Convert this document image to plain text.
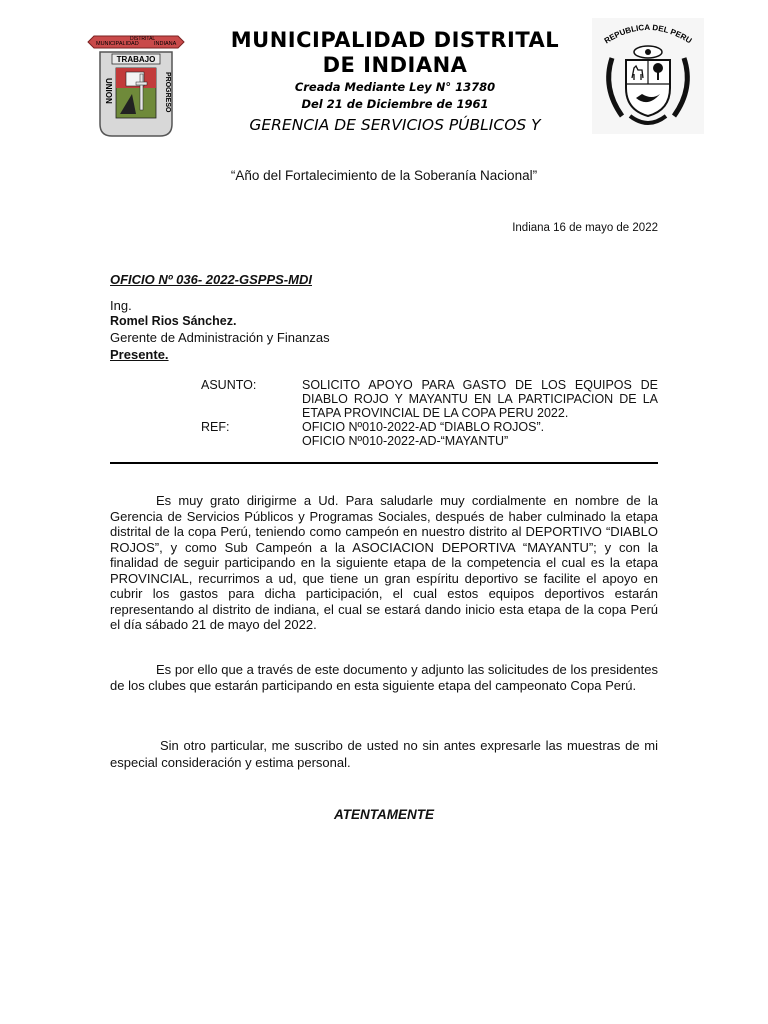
MUNICIPALIDAD
DISTRITAL
INDIANA
TRABAJO
UNION	PROGRESO
MUNICIPALIDAD DISTRITAL
DE INDIANA
Creada Mediante Ley N° 13780
Del 21 de Diciembre de 1961
GERENCIA DE SERVICIOS PÚBLICOS Y
REPUBLICA DEL PERU
“Año del Fortalecimiento de la Soberanía Nacional”
Indiana 16 de mayo de 2022
OFICIO Nº 036- 2022-GSPPS-MDI
Ing.
Romel Rios Sánchez.
Gerente de Administración y Finanzas
Presente.
ASUNTO:	SOLICITO APOYO PARA GASTO DE LOS EQUIPOS DE DIABLO ROJO Y MAYANTU EN LA PARTICIPACION DE LA ETAPA PROVINCIAL DE LA COPA PERU 2022.
REF:	OFICIO Nº010-2022-AD “DIABLO ROJOS”.
OFICIO Nº010-2022-AD-“MAYANTU”

Es muy grato dirigirme a Ud. Para saludarle muy cordialmente en nombre de la Gerencia de Servicios Públicos y Programas Sociales, después de haber culminado la etapa distrital de la copa Perú, teniendo como campeón en nuestro distrito al DEPORTIVO “DIABLO ROJOS”, y como Sub Campeón a la ASOCIACION DEPORTIVA “MAYANTU”; y con la finalidad de seguir participando en la siguiente etapa de la competencia el cual es la etapa PROVINCIAL, recurrimos a ud, que tiene un gran espíritu deportivo se facilite el apoyo en cubrir los gastos para dicha participación, el cual estos equipos deportivos estarán representando al distrito de indiana, el cual se estará dando inicio esta etapa de la copa Perú el día sábado 21 de mayo del 2022.

Es por ello que a través de este documento y adjunto las solicitudes de los presidentes de los clubes que estarán participando en esta siguiente etapa del campeonato Copa Perú.

Sin otro particular, me suscribo de usted no sin antes expresarle las muestras de mi especial consideración y estima personal.

ATENTAMENTE
